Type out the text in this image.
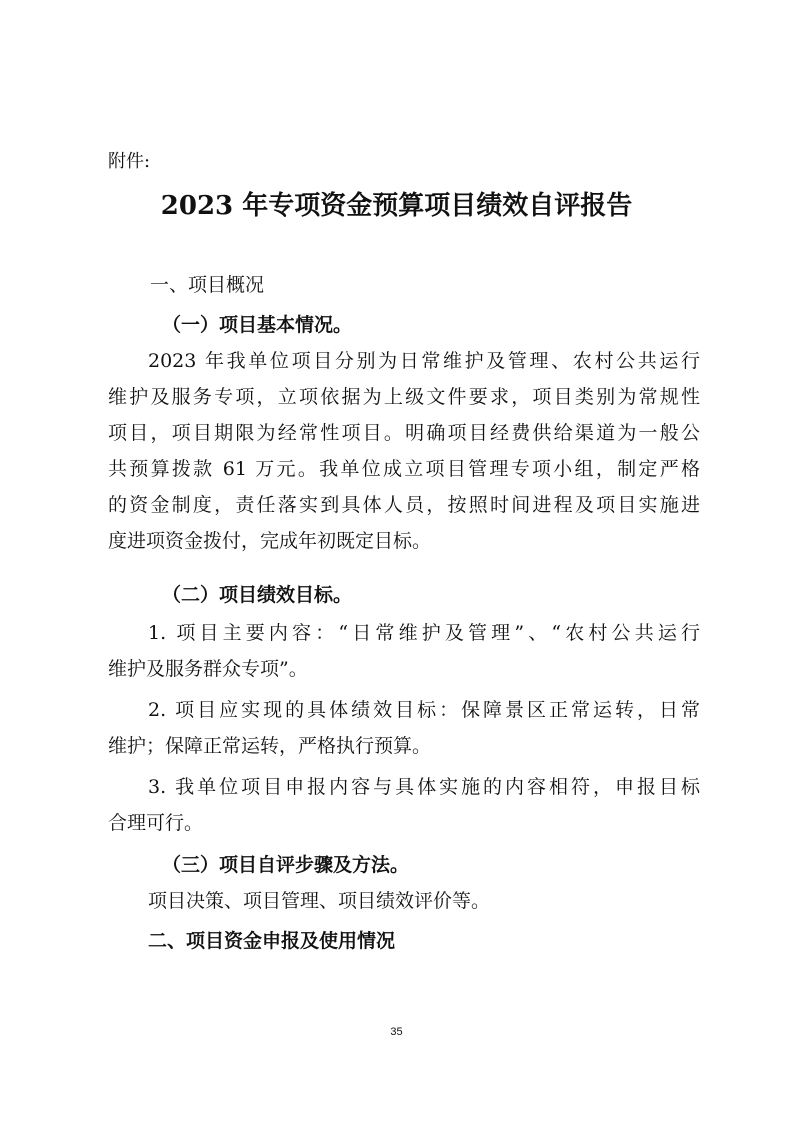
附件:
2023 年专项资金预算项目绩效自评报告
一、项目概况
（一）项目基本情况。
2023 年我单位项目分别为日常维护及管理、农村公共运行
维护及服务专项，立项依据为上级文件要求，项目类别为常规性
项目，项目期限为经常性项目。明确项目经费供给渠道为一般公
共预算拨款 61 万元。我单位成立项目管理专项小组，制定严格
的资金制度，责任落实到具体人员，按照时间进程及项目实施进
度进项资金拨付，完成年初既定目标。
（二）项目绩效目标。
1. 项目主要内容：“日常维护及管理”、“农村公共运行
维护及服务群众专项”。
2. 项目应实现的具体绩效目标：保障景区正常运转，日常
维护；保障正常运转，严格执行预算。
3. 我单位项目申报内容与具体实施的内容相符，申报目标
合理可行。
（三）项目自评步骤及方法。
项目决策、项目管理、项目绩效评价等。
二、项目资金申报及使用情况
35
